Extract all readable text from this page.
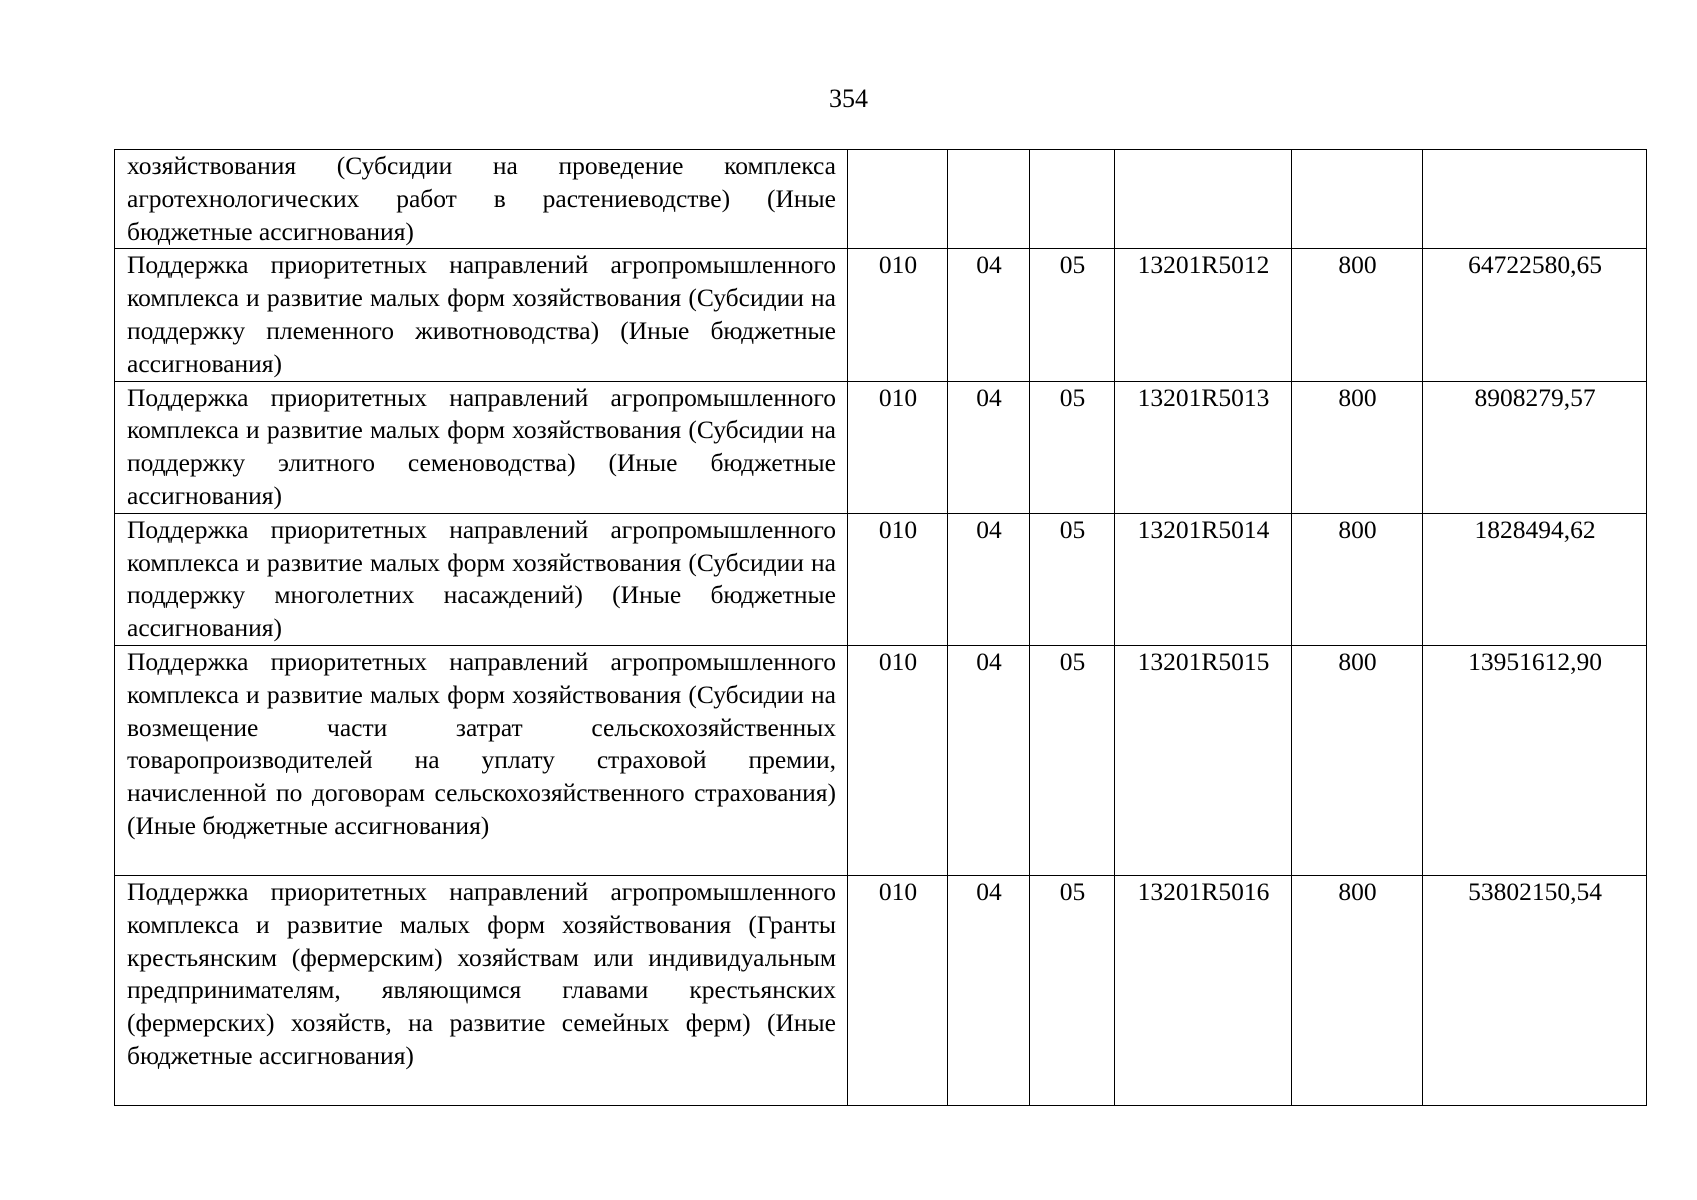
354
хозяйствования (Субсидии на проведение комплекса агротехнологических работ в растениеводстве) (Иные бюджетные ассигнования)						
Поддержка приоритетных направлений агропромышленного комплекса и развитие малых форм хозяйствования (Субсидии на поддержку племенного животноводства) (Иные бюджетные ассигнования)	010	04	05	13201R5012	800	64722580,65
Поддержка приоритетных направлений агропромышленного комплекса и развитие малых форм хозяйствования (Субсидии на поддержку элитного семеноводства) (Иные бюджетные ассигнования)	010	04	05	13201R5013	800	8908279,57
Поддержка приоритетных направлений агропромышленного комплекса и развитие малых форм хозяйствования (Субсидии на поддержку многолетних насаждений) (Иные бюджетные ассигнования)	010	04	05	13201R5014	800	1828494,62
Поддержка приоритетных направлений агропромышленного комплекса и развитие малых форм хозяйствования (Субсидии на возмещение части затрат сельскохозяйственных товаропроизводителей на уплату страховой премии, начисленной по договорам сельскохозяйственного страхования) (Иные бюджетные ассигнования)	010	04	05	13201R5015	800	13951612,90
Поддержка приоритетных направлений агропромышленного комплекса и развитие малых форм хозяйствования (Гранты крестьянским (фермерским) хозяйствам или индивидуальным предпринимателям, являющимся главами крестьянских (фермерских) хозяйств, на развитие семейных ферм) (Иные бюджетные ассигнования)	010	04	05	13201R5016	800	53802150,54
